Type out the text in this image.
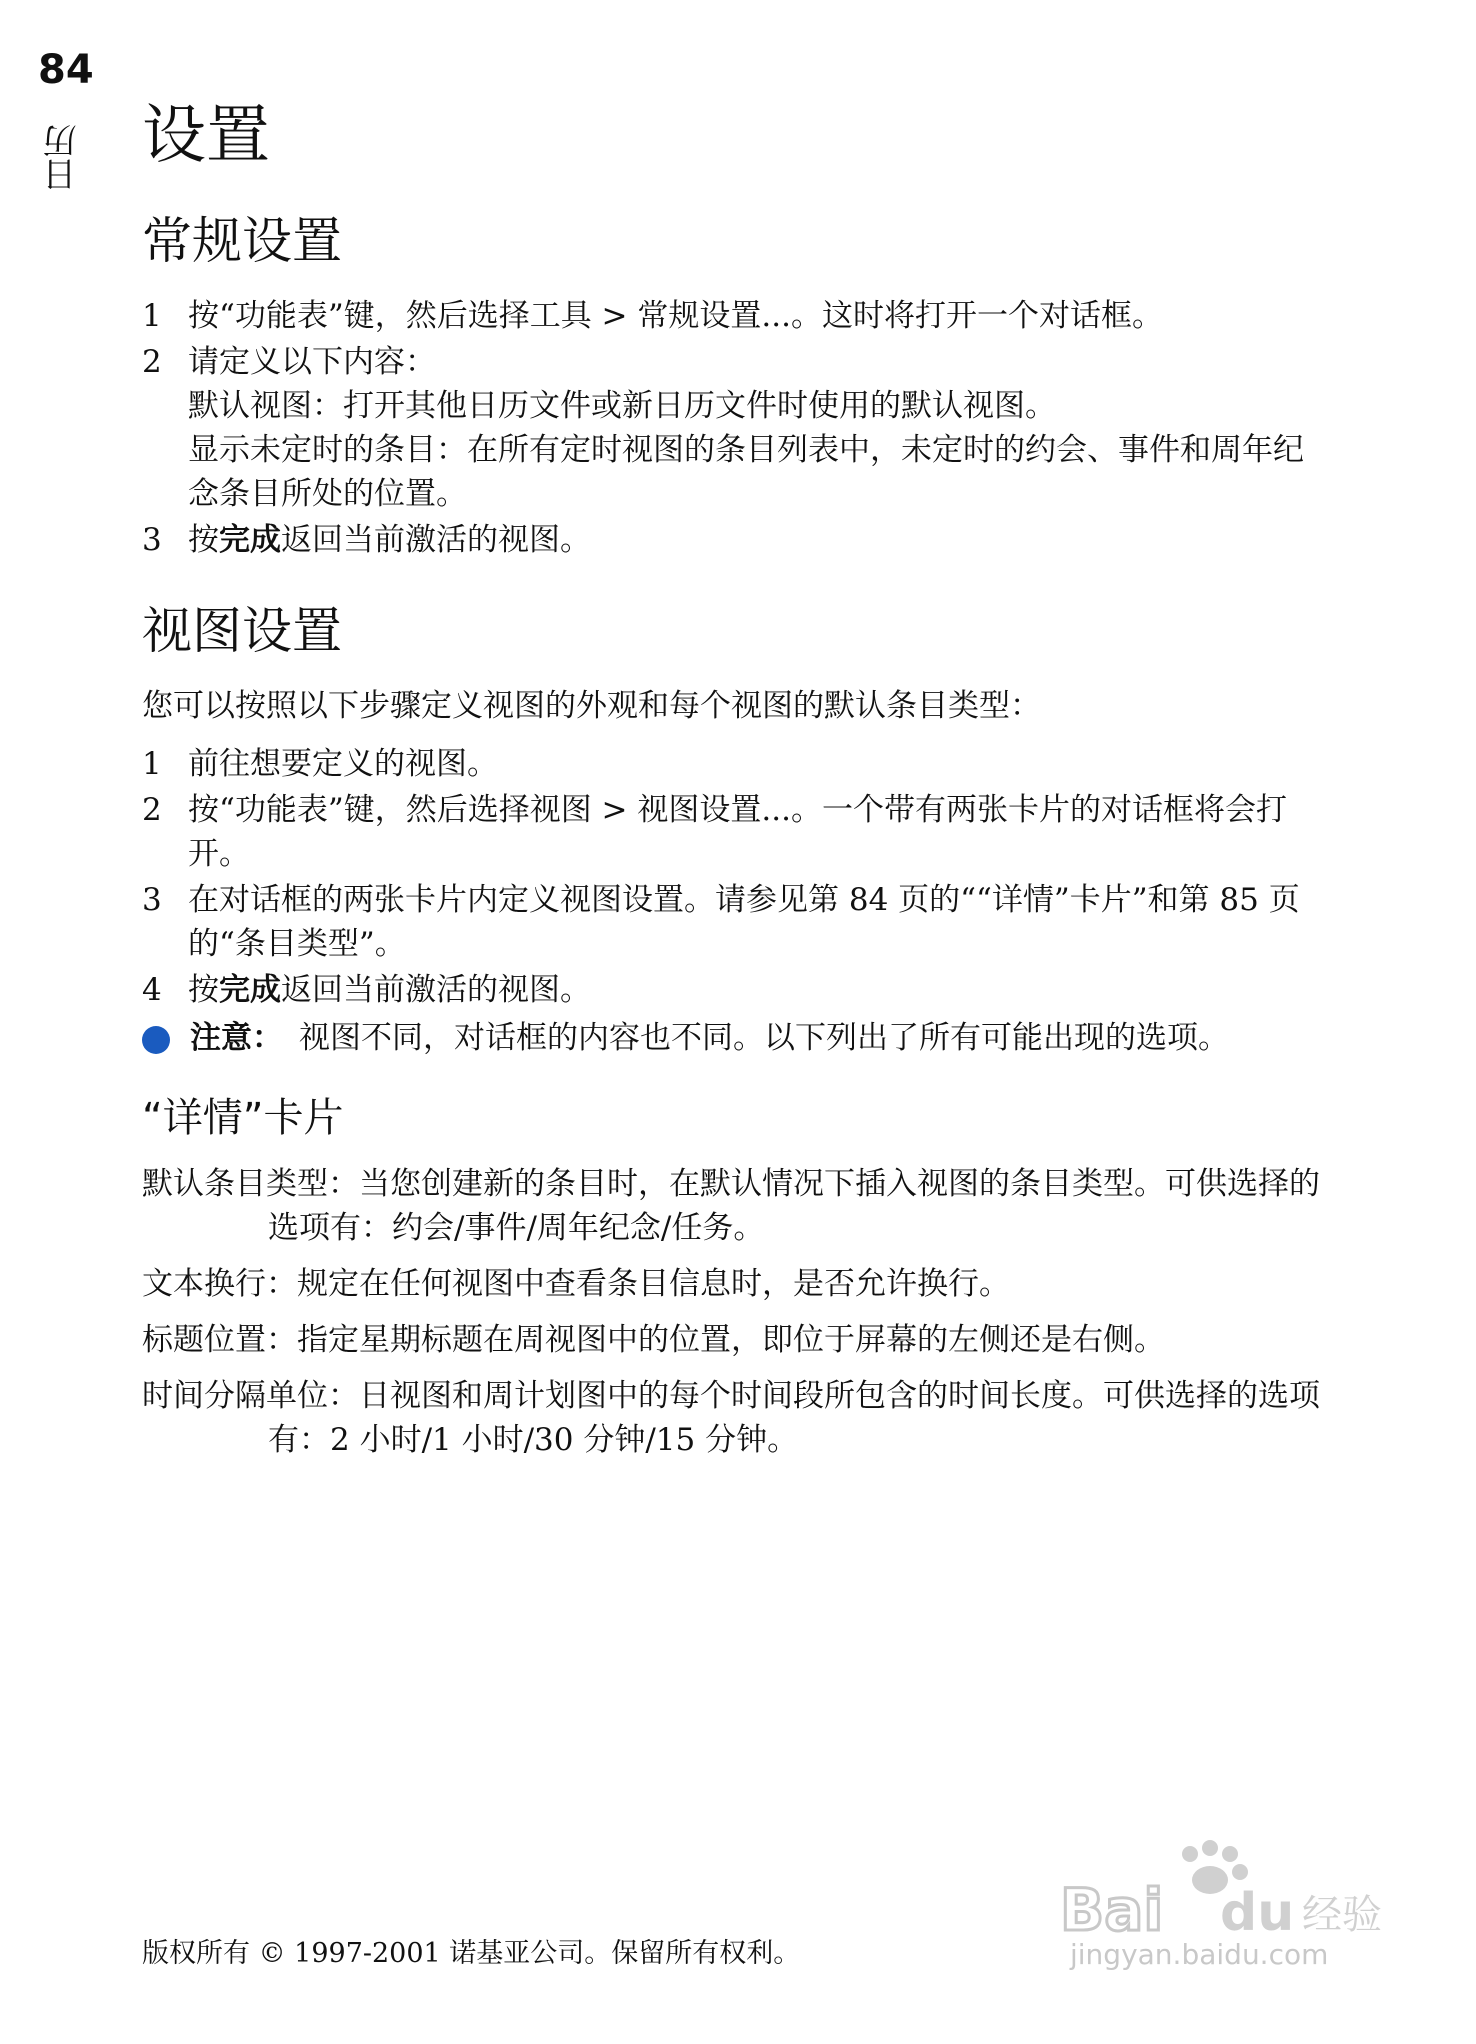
84
日历 设置
常规设置
1 按“功能表”键，然后选择工具 > 常规设置...。这时将打开一个对话框。
2 请定义以下内容：
默认视图：打开其他日历文件或新日历文件时使用的默认视图。
显示未定时的条目：在所有定时视图的条目列表中，未定时的约会、事件和周年纪念条目所处的位置。
3 按完成返回当前激活的视图。
视图设置

您可以按照以下步骤定义视图的外观和每个视图的默认条目类型：

1 前往想要定义的视图。
2 按“功能表”键，然后选择视图 > 视图设置...。一个带有两张卡片的对话框将会打开。
3 在对话框的两张卡片内定义视图设置。请参见第 84 页的““详情”卡片”和第 85 页的“条目类型”。
4 按完成返回当前激活的视图。
注意： 视图不同，对话框的内容也不同。以下列出了所有可能出现的选项。
“详情”卡片

默认条目类型：当您创建新的条目时，在默认情况下插入视图的条目类型。可供选择的选项有：约会/事件/周年纪念/任务。

文本换行：规定在任何视图中查看条目信息时，是否允许换行。

标题位置：指定星期标题在周视图中的位置，即位于屏幕的左侧还是右侧。

时间分隔单位：日视图和周计划图中的每个时间段所包含的时间长度。可供选择的选项有：2 小时/1 小时/30 分钟/15 分钟。

版权所有 © 1997-2001 诺基亚公司。保留所有权利。
Bai du 经验
jingyan.baidu.com
